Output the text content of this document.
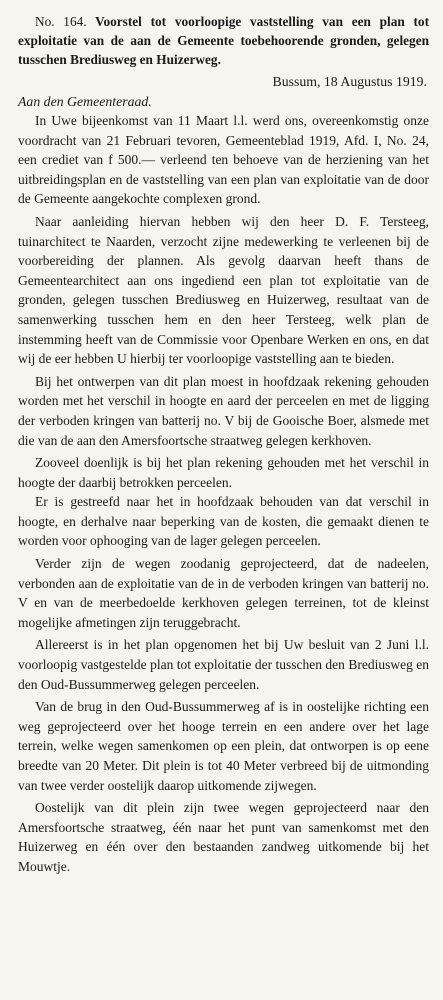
No. 164. Voorstel tot voorloopige vaststelling van een plan tot exploitatie van de aan de Gemeente toebehoorende gronden, gelegen tusschen Brediusweg en Huizerweg.

Bussum, 18 Augustus 1919.

Aan den Gemeenteraad.

In Uwe bijeenkomst van 11 Maart l.l. werd ons, overeenkomstig onze voordracht van 21 Februari tevoren, Gemeenteblad 1919, Afd. I, No. 24, een crediet van f 500.— verleend ten behoeve van de herziening van het uitbreidingsplan en de vaststelling van een plan van exploitatie van de door de Gemeente aangekochte complexen grond.

Naar aanleiding hiervan hebben wij den heer D. F. Tersteeg, tuinarchitect te Naarden, verzocht zijne medewerking te verleenen bij de voorbereiding der plannen. Als gevolg daarvan heeft thans de Gemeentearchitect aan ons ingediend een plan tot exploitatie van de gronden, gelegen tusschen Brediusweg en Huizerweg, resultaat van de samenwerking tusschen hem en den heer Tersteeg, welk plan de instemming heeft van de Commissie voor Openbare Werken en ons, en dat wij de eer hebben U hierbij ter voorloopige vaststelling aan te bieden.

Bij het ontwerpen van dit plan moest in hoofdzaak rekening gehouden worden met het verschil in hoogte en aard der perceelen en met de ligging der verboden kringen van batterij no. V bij de Gooische Boer, alsmede met die van de aan den Amersfoortsche straatweg gelegen kerkhoven.

Zooveel doenlijk is bij het plan rekening gehouden met het verschil in hoogte der daarbij betrokken perceelen.

Er is gestreefd naar het in hoofdzaak behouden van dat verschil in hoogte, en derhalve naar beperking van de kosten, die gemaakt dienen te worden voor ophooging van de lager gelegen perceelen.

Verder zijn de wegen zoodanig geprojecteerd, dat de nadeelen, verbonden aan de exploitatie van de in de verboden kringen van batterij no. V en van de meerbedoelde kerkhoven gelegen terreinen, tot de kleinst mogelijke afmetingen zijn teruggebracht.

Allereerst is in het plan opgenomen het bij Uw besluit van 2 Juni l.l. voorloopig vastgestelde plan tot exploitatie der tusschen den Brediusweg en den Oud-Bussummerweg gelegen perceelen.

Van de brug in den Oud-Bussummerweg af is in oostelijke richting een weg geprojecteerd over het hooge terrein en een andere over het lage terrein, welke wegen samenkomen op een plein, dat ontworpen is op eene breedte van 20 Meter. Dit plein is tot 40 Meter verbreed bij de uitmonding van twee verder oostelijk daarop uitkomende zijwegen.

Oostelijk van dit plein zijn twee wegen geprojecteerd naar den Amersfoortsche straatweg, één naar het punt van samenkomst met den Huizerweg en één over den bestaanden zandweg uitkomende bij het Mouwtje.
